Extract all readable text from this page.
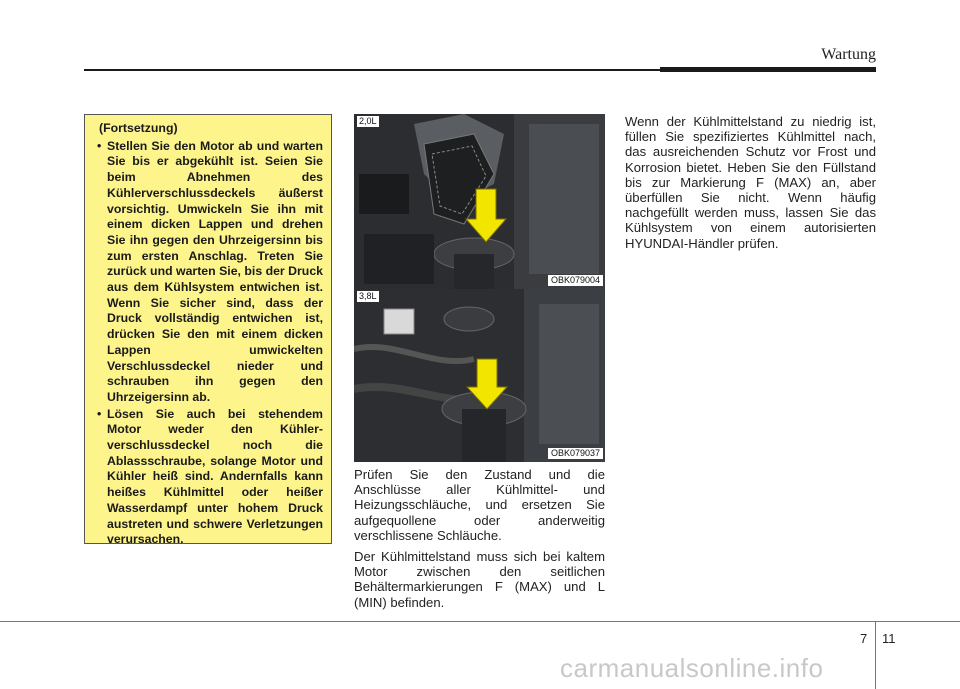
Wartung
(Fortsetzung)
• Stellen Sie den Motor ab und warten Sie bis er abgekühlt ist. Seien Sie beim Abnehmen des Kühlerverschlussdeckels äußerst vorsichtig. Umwickeln Sie ihn mit einem dicken Lappen und drehen Sie ihn gegen den Uhrzeigersinn bis zum ersten Anschlag. Treten Sie zurück und warten Sie, bis der Druck aus dem Kühlsystem entwichen ist. Wenn Sie sicher sind, dass der Druck vollständig entwichen ist, drücken Sie den mit einem dicken Lappen umwickelten Verschlussdeckel nieder und schrauben ihn gegen den Uhrzeigersinn ab.
• Lösen Sie auch bei stehendem Motor weder den Kühler-verschlussdeckel noch die Ablassschraube, solange Motor und Kühler heiß sind. Andernfalls kann heißes Kühlmittel oder heißer Wasserdampf unter hohem Druck austreten und schwere Verletzungen verursachen.
2,0L
OBK079004
3,8L
OBK079037

Prüfen Sie den Zustand und die Anschlüsse aller Kühlmittel- und Heizungsschläuche, und ersetzen Sie aufgequollene oder anderweitig verschlissene Schläuche.

Der Kühlmittelstand muss sich bei kaltem Motor zwischen den seitlichen Behältermarkierungen F (MAX) und L (MIN) befinden.

Wenn der Kühlmittelstand zu niedrig ist, füllen Sie spezifiziertes Kühlmittel nach, das ausreichenden Schutz vor Frost und Korrosion bietet. Heben Sie den Füllstand bis zur Markierung F (MAX) an, aber überfüllen Sie nicht. Wenn häufig nachgefüllt werden muss, lassen Sie das Kühlsystem von einem autorisierten HYUNDAI-Händler prüfen.

7 11
carmanualsonline.info
